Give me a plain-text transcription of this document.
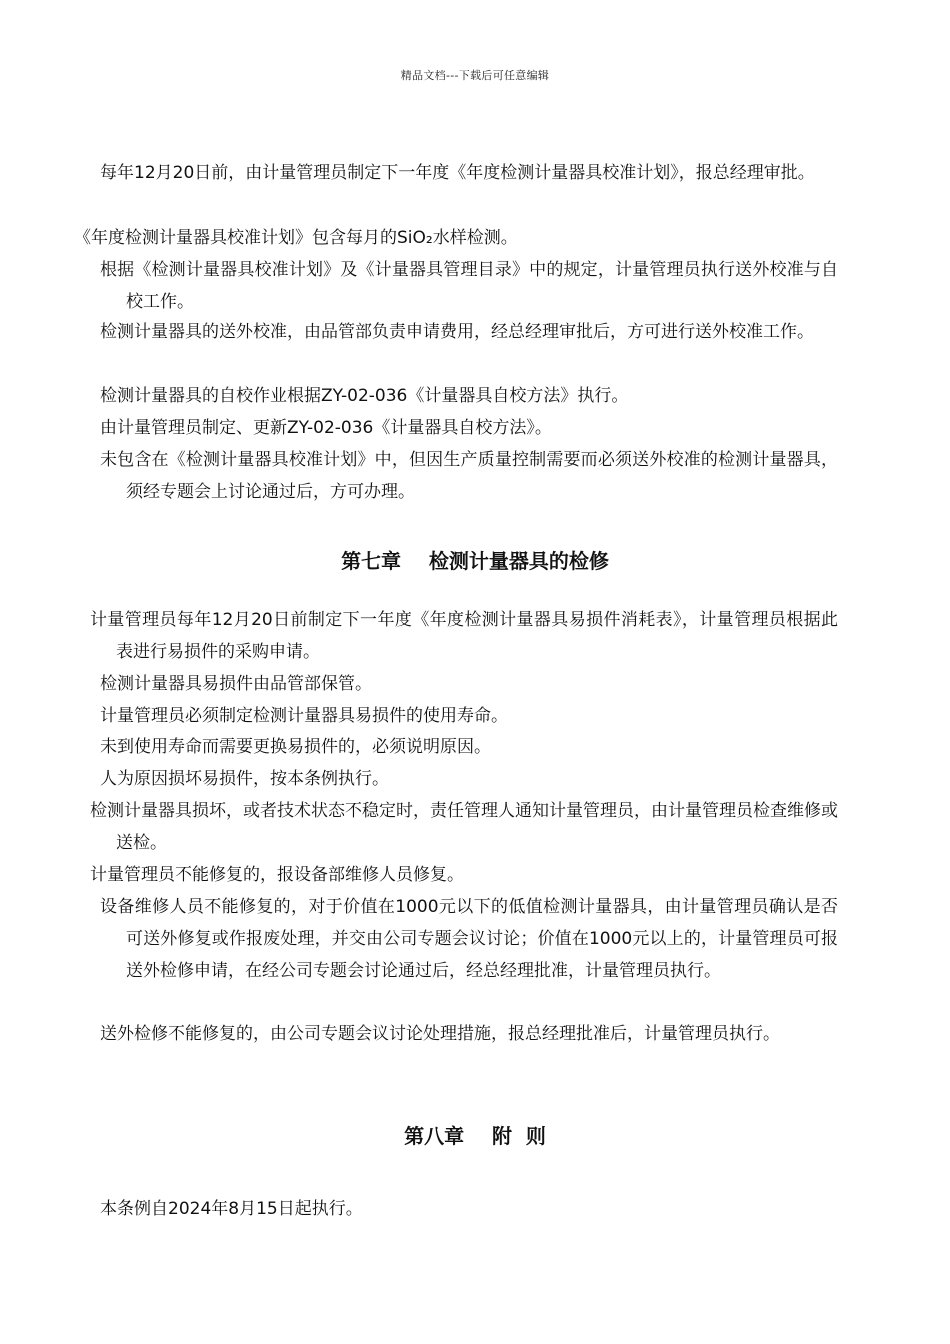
精品文档---下载后可任意编辑

每年12月20日前，由计量管理员制定下一年度《年度检测计量器具校准计划》，报总经理审批。

《年度检测计量器具校准计划》包含每月的SiO₂水样检测。

根据《检测计量器具校准计划》及《计量器具管理目录》中的规定，计量管理员执行送外校准与自校工作。

检测计量器具的送外校准，由品管部负责申请费用，经总经理审批后，方可进行送外校准工作。

检测计量器具的自校作业根据ZY-02-036《计量器具自校方法》执行。

由计量管理员制定、更新ZY-02-036《计量器具自校方法》。

未包含在《检测计量器具校准计划》中，但因生产质量控制需要而必须送外校准的检测计量器具，须经专题会上讨论通过后，方可办理。

第七章    检测计量器具的检修

计量管理员每年12月20日前制定下一年度《年度检测计量器具易损件消耗表》，计量管理员根据此表进行易损件的采购申请。

检测计量器具易损件由品管部保管。

计量管理员必须制定检测计量器具易损件的使用寿命。

未到使用寿命而需要更换易损件的，必须说明原因。

人为原因损坏易损件，按本条例执行。

检测计量器具损坏，或者技术状态不稳定时，责任管理人通知计量管理员，由计量管理员检查维修或送检。

计量管理员不能修复的，报设备部维修人员修复。

设备维修人员不能修复的，对于价值在1000元以下的低值检测计量器具，由计量管理员确认是否可送外修复或作报废处理，并交由公司专题会议讨论；价值在1000元以上的，计量管理员可报送外检修申请，在经公司专题会讨论通过后，经总经理批准，计量管理员执行。

送外检修不能修复的，由公司专题会议讨论处理措施，报总经理批准后，计量管理员执行。

第八章    附  则

本条例自2024年8月15日起执行。
